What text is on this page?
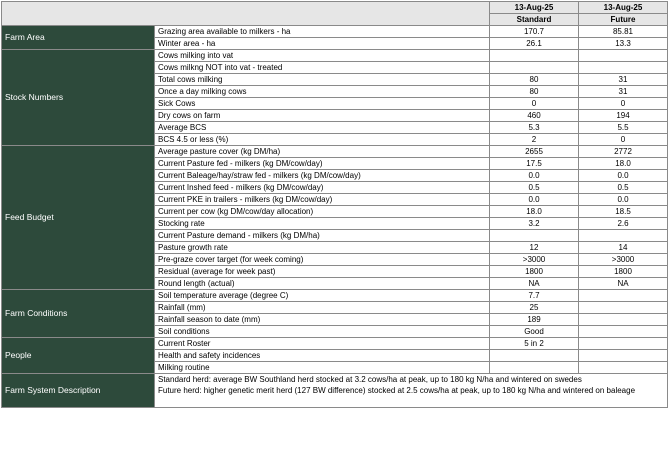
		13-Aug-25	13-Aug-25
		Standard	Future
Farm Area	Grazing area available to milkers - ha	170.7	85.81
	Winter area - ha	26.1	13.3
Stock Numbers	Cows milking into vat		
	Cows milkng NOT into vat - treated		
	Total cows milking	80	31
	Once a day milking cows	80	31
	Sick Cows	0	0
	Dry cows on farm	460	194
	Average BCS	5.3	5.5
	BCS 4.5 or less (%)	2	0
Feed Budget	Average pasture cover (kg DM/ha)	2655	2772
	Current Pasture fed - milkers (kg DM/cow/day)	17.5	18.0
	Current Baleage/hay/straw fed - milkers (kg DM/cow/day)	0.0	0.0
	Current Inshed feed - milkers (kg DM/cow/day)	0.5	0.5
	Current PKE in trailers - milkers (kg DM/cow/day)	0.0	0.0
	Current per cow (kg DM/cow/day allocation)	18.0	18.5
	Stocking rate	3.2	2.6
	Current Pasture demand - milkers (kg DM/ha)		
	Pasture growth rate	12	14
	Pre-graze cover target (for week coming)	>3000	>3000
	Residual (average for week past)	1800	1800
	Round length (actual)	NA	NA
Farm Conditions	Soil temperature average (degree C)	7.7	
	Rainfall (mm)	25	
	Rainfall season to date (mm)	189	
	Soil conditions	Good	
People	Current Roster	5 in 2	
	Health and safety incidences		
	Milking routine		
Farm System Description	Standard herd: average BW Southland herd stocked at 3.2 cows/ha at peak, up to 180 kg N/ha and wintered on swedes
Future herd: higher genetic merit herd (127 BW difference) stocked at 2.5 cows/ha at peak, up to 180 kg N/ha and wintered on baleage		
